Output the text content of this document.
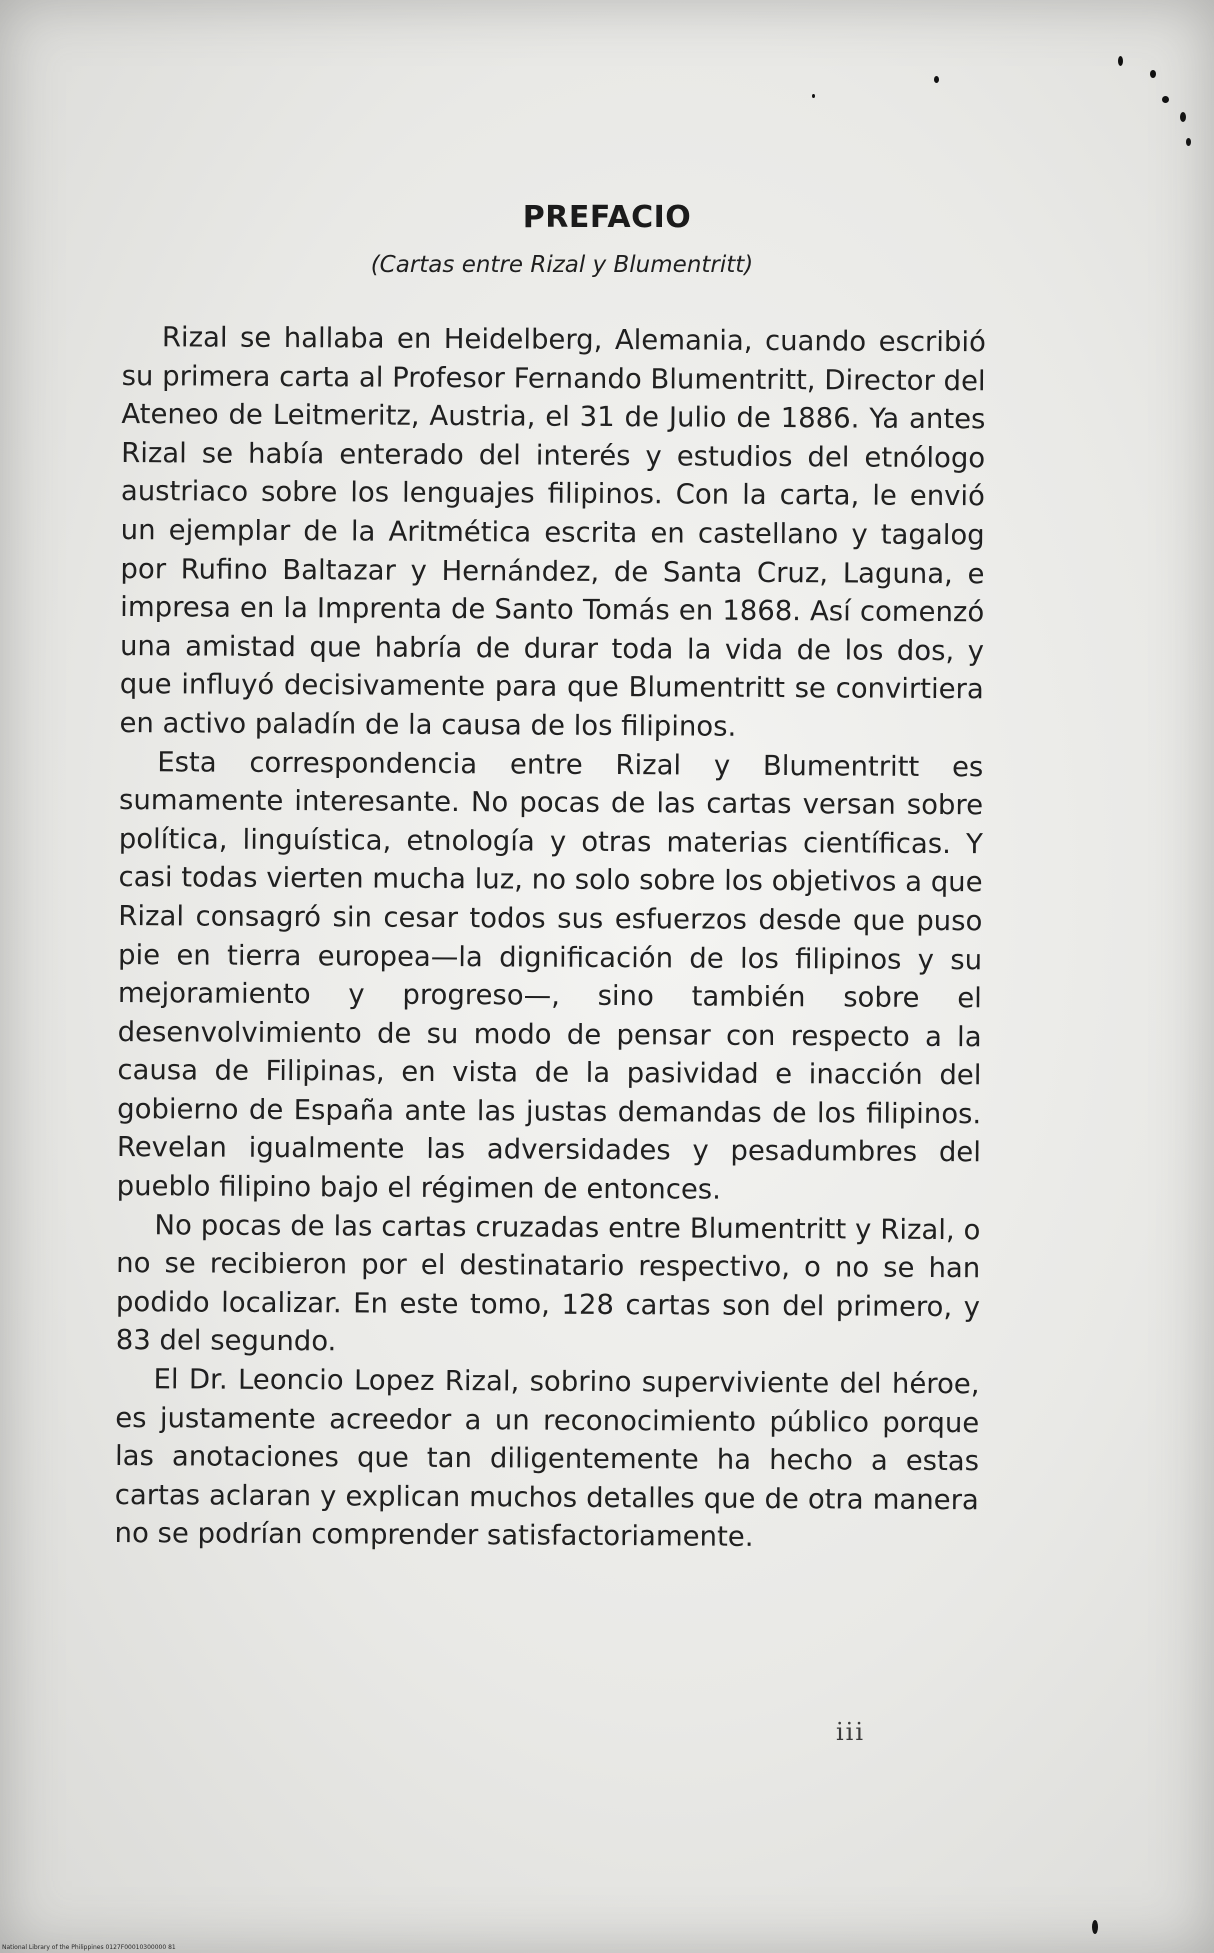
PREFACIO
(Cartas entre Rizal y Blumentritt)

Rizal se hallaba en Heidelberg, Alemania, cuando escribió su primera carta al Profesor Fernando Blumentritt, Director del Ateneo de Leitmeritz, Austria, el 31 de Julio de 1886. Ya antes Rizal se había enterado del interés y estudios del etnólogo austriaco sobre los lenguajes filipinos. Con la carta, le envió un ejemplar de la Aritmética escrita en castellano y tagalog por Rufino Baltazar y Hernández, de Santa Cruz, Laguna, e impresa en la Imprenta de Santo Tomás en 1868. Así comenzó una amistad que habría de durar toda la vida de los dos, y que influyó decisivamente para que Blumentritt se convirtiera en activo paladín de la causa de los filipinos.

Esta correspondencia entre Rizal y Blumentritt es sumamente interesante. No pocas de las cartas versan sobre política, linguística, etnología y otras materias científicas. Y casi todas vierten mucha luz, no solo sobre los objetivos a que Rizal consagró sin cesar todos sus esfuerzos desde que puso pie en tierra europea—la dignificación de los filipinos y su mejoramiento y progreso—, sino también sobre el desenvolvimiento de su modo de pensar con respecto a la causa de Filipinas, en vista de la pasividad e inacción del gobierno de España ante las justas demandas de los filipinos. Revelan igualmente las adversidades y pesadumbres del pueblo filipino bajo el régimen de entonces.

No pocas de las cartas cruzadas entre Blumentritt y Rizal, o no se recibieron por el destinatario respectivo, o no se han podido localizar. En este tomo, 128 cartas son del primero, y 83 del segundo.

El Dr. Leoncio Lopez Rizal, sobrino superviviente del héroe, es justamente acreedor a un reconocimiento público porque las anotaciones que tan diligentemente ha hecho a estas cartas aclaran y explican muchos detalles que de otra manera no se podrían comprender satisfactoriamente.

iii
National Library of the Philippines 0127F00010300000 81
